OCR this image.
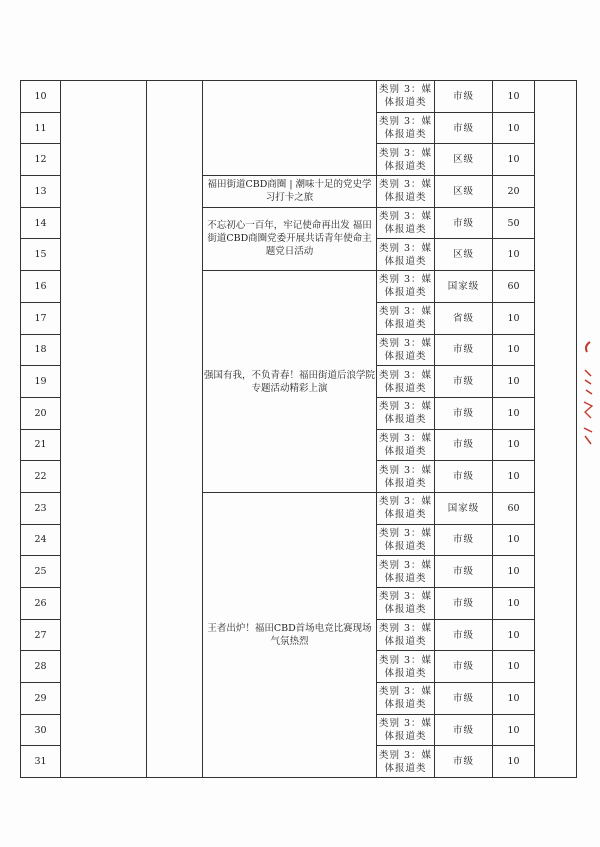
10				类别 3：媒
体报道类	市级	10	
11				类别 3：媒
体报道类	市级	10	
12				类别 3：媒
体报道类	区级	10	
13			福田街道CBD商圈 | 潮味十足的党史学习打卡之旅	类别 3：媒
体报道类	区级	20	
14			不忘初心一百年，牢记使命再出发 福田街道CBD商圈党委开展共话青年使命主题党日活动	类别 3：媒
体报道类	市级	50	
15				类别 3：媒
体报道类	区级	10	
16			强国有我，不负青春！福田街道后浪学院专题活动精彩上演	类别 3：媒
体报道类	国家级	60	
17				类别 3：媒
体报道类	省级	10	
18				类别 3：媒
体报道类	市级	10	
19				类别 3：媒
体报道类	市级	10	
20				类别 3：媒
体报道类	市级	10	
21				类别 3：媒
体报道类	市级	10	
22				类别 3：媒
体报道类	市级	10	
23			王者出炉！福田CBD首场电竞比赛现场气氛热烈	类别 3：媒
体报道类	国家级	60	
24				类别 3：媒
体报道类	市级	10	
25				类别 3：媒
体报道类	市级	10	
26				类别 3：媒
体报道类	市级	10	
27				类别 3：媒
体报道类	市级	10	
28				类别 3：媒
体报道类	市级	10	
29				类别 3：媒
体报道类	市级	10	
30				类别 3：媒
体报道类	市级	10	
31				类别 3：媒
体报道类	市级	10	
